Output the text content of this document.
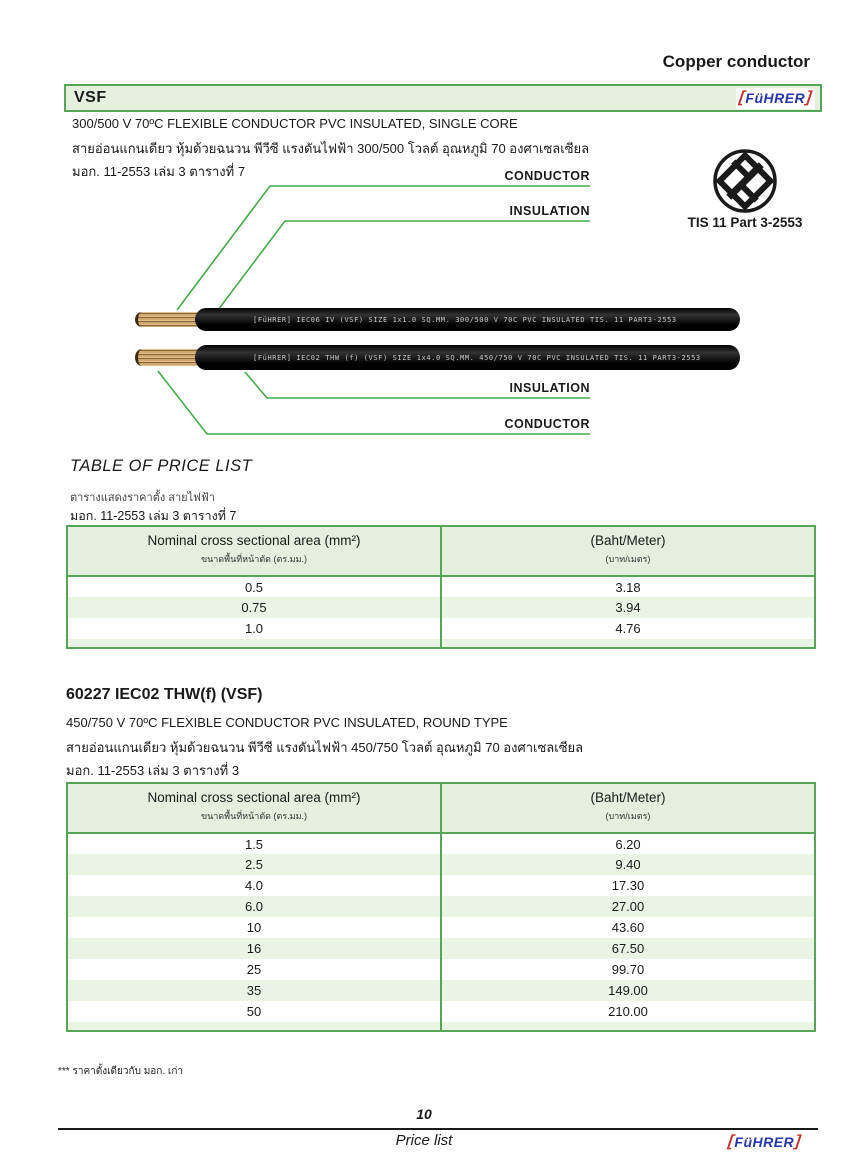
Copper conductor
VSF	[ FüHRER ]
300/500 V 70ºC FLEXIBLE CONDUCTOR PVC INSULATED, SINGLE CORE
สายอ่อนแกนเดียว หุ้มด้วยฉนวน พีวีซี แรงดันไฟฟ้า 300/500 โวลต์ อุณหภูมิ 70 องศาเซลเซียล
มอก. 11-2553 เล่ม 3 ตารางที่ 7	CONDUCTOR
INSULATION
INSULATION
CONDUCTOR
TIS 11 Part 3-2553
[FüHRER] IEC06 IV (VSF) SIZE 1x1.0 SQ.MM. 300/500 V 70C PVC INSULATED TIS. 11 PART3-2553
[FüHRER] IEC02 THW (f) (VSF) SIZE 1x4.0 SQ.MM. 450/750 V 70C PVC INSULATED TIS. 11 PART3-2553
TABLE OF PRICE LIST
ตารางแสดงราคาตั้ง สายไฟฟ้า
มอก. 11-2553 เล่ม 3 ตารางที่ 7
Nominal cross sectional area (mm²)
ขนาดพื้นที่หน้าตัด (ตร.มม.)

(Baht/Meter)
(บาท/เมตร)

0.5	3.18
0.75	3.94
1.0	4.76

60227 IEC02 THW(f) (VSF)
450/750 V 70ºC FLEXIBLE CONDUCTOR PVC INSULATED, ROUND TYPE
สายอ่อนแกนเดียว หุ้มด้วยฉนวน พีวีซี แรงดันไฟฟ้า 450/750 โวลต์ อุณหภูมิ 70 องศาเซลเซียล
มอก. 11-2553 เล่ม 3 ตารางที่ 3
Nominal cross sectional area (mm²)
ขนาดพื้นที่หน้าตัด (ตร.มม.)

(Baht/Meter)
(บาท/เมตร)

1.5	6.20
2.5	9.40
4.0	17.30
6.0	27.00
10	43.60
16	67.50
25	99.70
35	149.00
50	210.00

*** ราคาตั้งเดียวกับ มอก. เก่า
10
Price list	[ FüHRER ]
